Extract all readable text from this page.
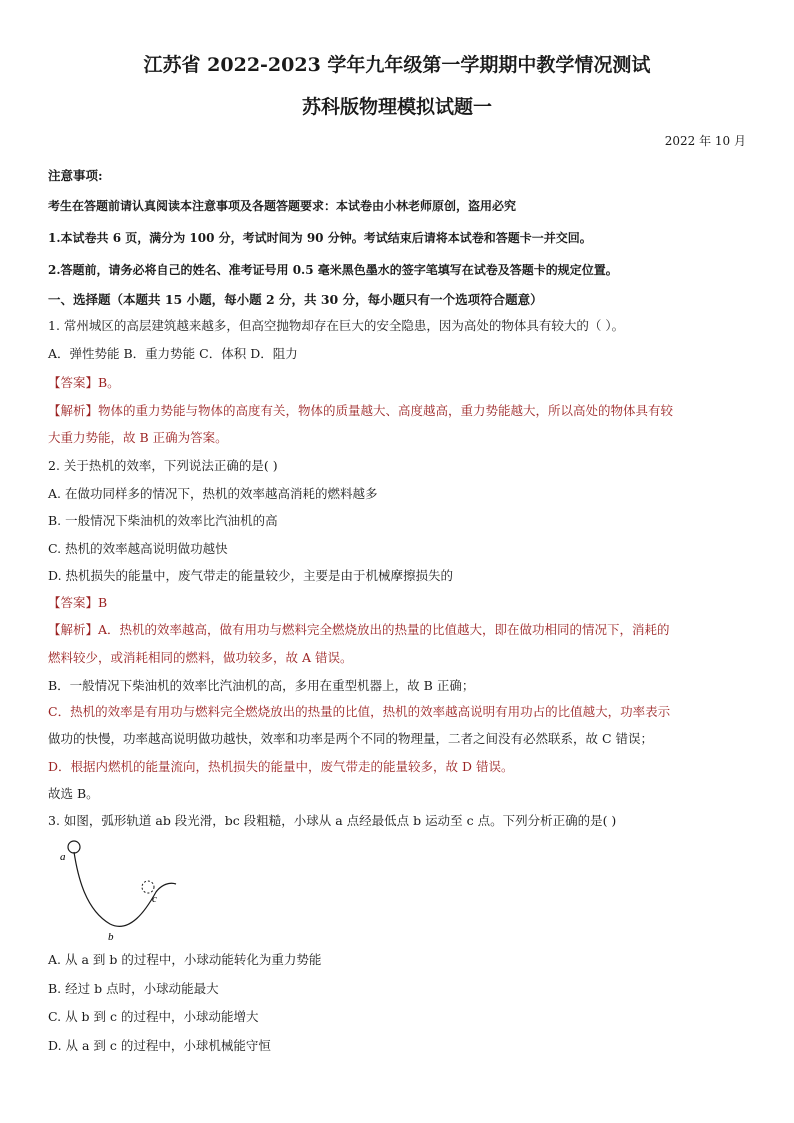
江苏省 2022-2023 学年九年级第一学期期中教学情况测试
苏科版物理模拟试题一
2022 年 10 月
注意事项:
考生在答题前请认真阅读本注意事项及各题答题要求：本试卷由小林老师原创，盗用必究
1.本试卷共 6 页，满分为 100 分，考试时间为 90 分钟。考试结束后请将本试卷和答题卡一并交回。
2.答题前，请务必将自己的姓名、准考证号用 0.5 毫米黑色墨水的签字笔填写在试卷及答题卡的规定位置。
一、选择题（本题共 15 小题，每小题 2 分，共 30 分，每小题只有一个选项符合题意）
1. 常州城区的高层建筑越来越多，但高空抛物却存在巨大的安全隐患，因为高处的物体具有较大的（ ）。
A．弹性势能 B．重力势能 C．体积 D．阻力
【答案】B。
【解析】物体的重力势能与物体的高度有关，物体的质量越大、高度越高，重力势能越大，所以高处的物体具有较
大重力势能，故 B 正确为答案。
2. 关于热机的效率，下列说法正确的是( )
A. 在做功同样多的情况下，热机的效率越高消耗的燃料越多
B. 一般情况下柴油机的效率比汽油机的高
C. 热机的效率越高说明做功越快
D. 热机损失的能量中，废气带走的能量较少，主要是由于机械摩擦损失的
【答案】B
【解析】A．热机的效率越高，做有用功与燃料完全燃烧放出的热量的比值越大，即在做功相同的情况下，消耗的
燃料较少，或消耗相同的燃料，做功较多，故 A 错误。
B．一般情况下柴油机的效率比汽油机的高，多用在重型机器上，故 B 正确；
C．热机的效率是有用功与燃料完全燃烧放出的热量的比值，热机的效率越高说明有用功占的比值越大，功率表示
做功的快慢，功率越高说明做功越快，效率和功率是两个不同的物理量，二者之间没有必然联系，故 C 错误；
D．根据内燃机的能量流向，热机损失的能量中，废气带走的能量较多，故 D 错误。
故选 B。
3. 如图，弧形轨道 ab 段光滑，bc 段粗糙，小球从 a 点经最低点 b 运动至 c 点。下列分析正确的是( )
a
b
c
A. 从 a 到 b 的过程中，小球动能转化为重力势能
B. 经过 b 点时，小球动能最大
C. 从 b 到 c 的过程中，小球动能增大
D. 从 a 到 c 的过程中，小球机械能守恒
